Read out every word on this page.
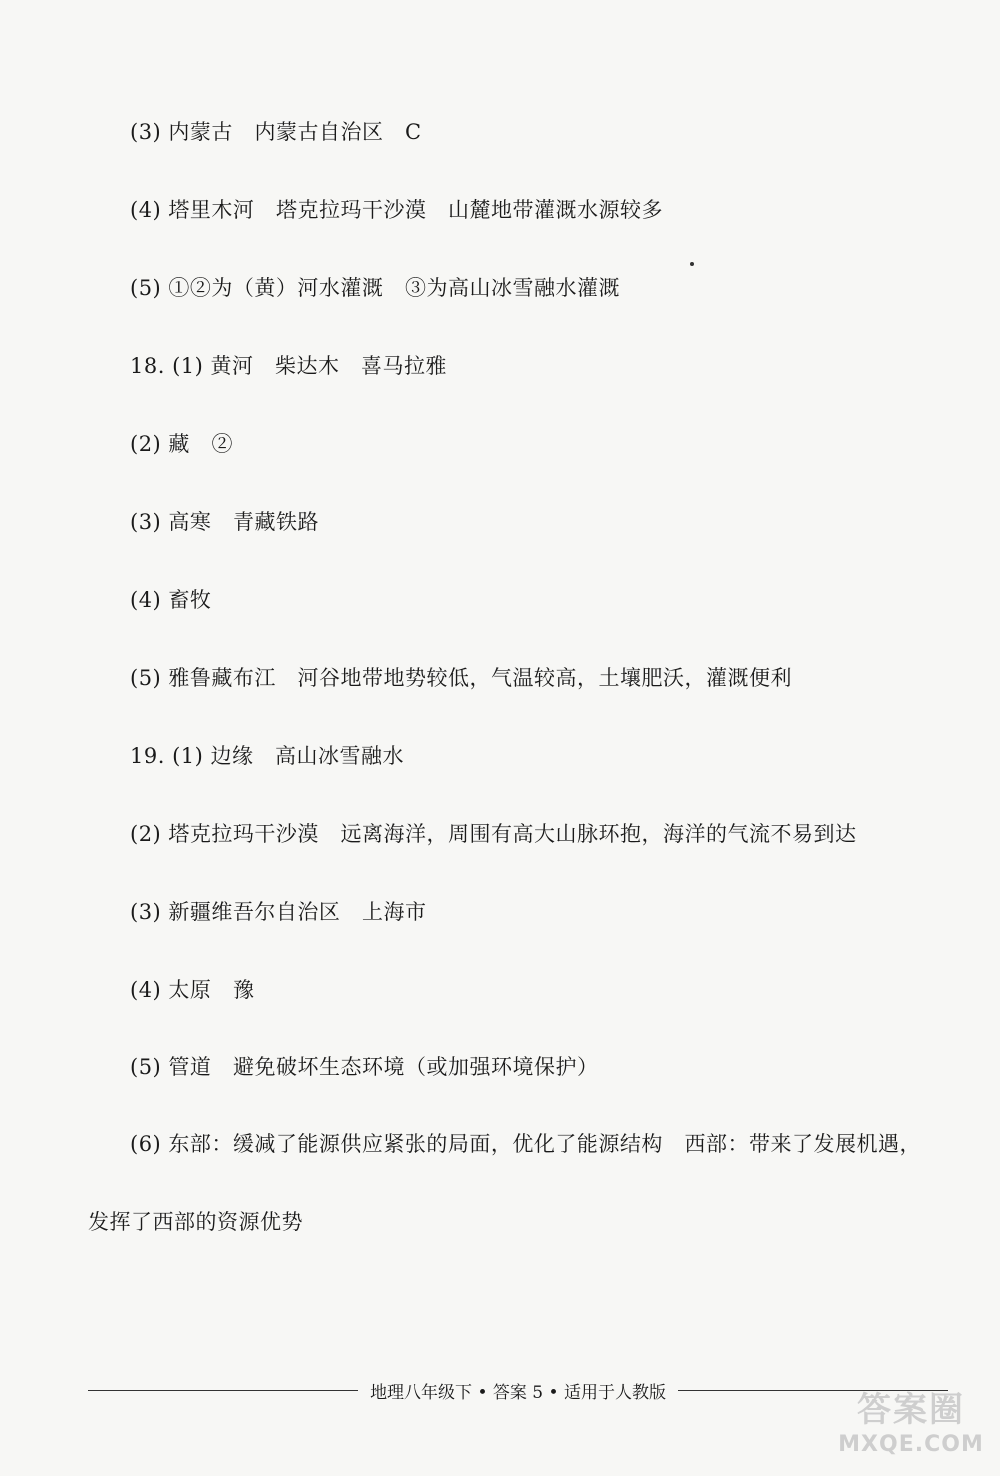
(3) 内蒙古   内蒙古自治区   C
(4) 塔里木河   塔克拉玛干沙漠   山麓地带灌溉水源较多
(5) ①②为（黄）河水灌溉   ③为高山冰雪融水灌溉
18. (1) 黄河   柴达木   喜马拉雅
(2) 藏   ②
(3) 高寒   青藏铁路
(4) 畜牧
(5) 雅鲁藏布江   河谷地带地势较低，气温较高，土壤肥沃，灌溉便利
19. (1) 边缘   高山冰雪融水
(2) 塔克拉玛干沙漠   远离海洋，周围有高大山脉环抱，海洋的气流不易到达
(3) 新疆维吾尔自治区   上海市
(4) 太原   豫
(5) 管道   避免破坏生态环境（或加强环境保护）
(6) 东部：缓减了能源供应紧张的局面，优化了能源结构   西部：带来了发展机遇，
发挥了西部的资源优势
地理八年级下 • 答案 5 • 适用于人教版	答案圈
MXQE.COM
